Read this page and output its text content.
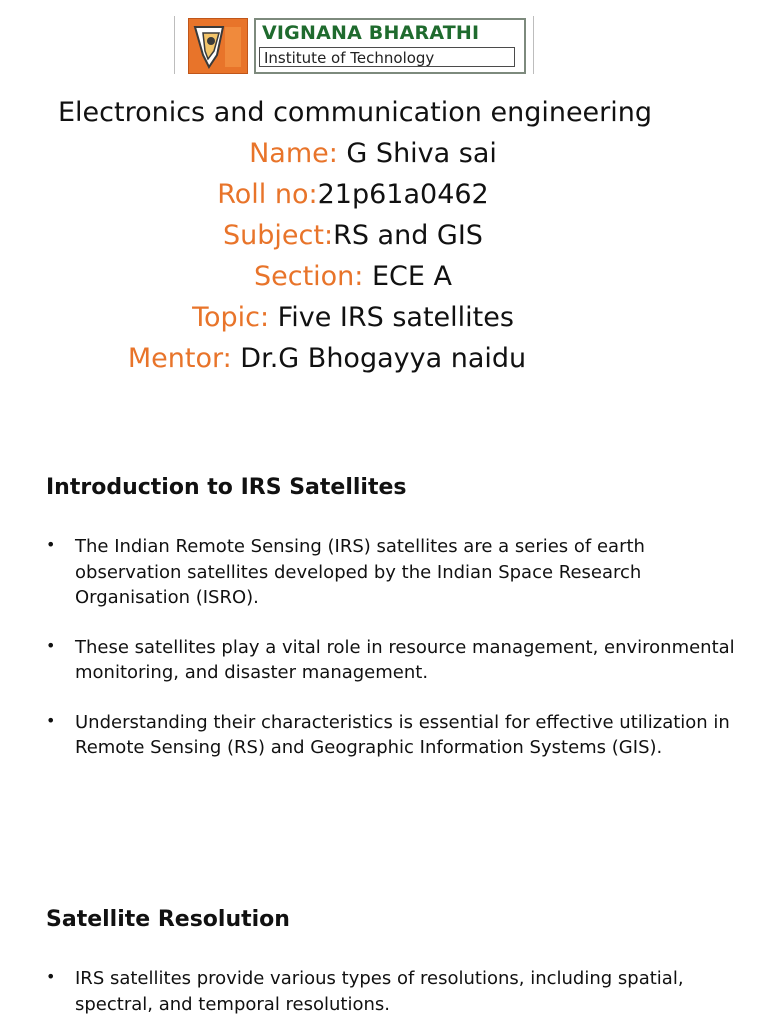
VIGNANA BHARATHI
Institute of Technology
Electronics and communication engineering
Name: G Shiva sai
Roll no:21p61a0462
Subject:RS and GIS
Section: ECE A
Topic: Five IRS satellites
Mentor: Dr.G Bhogayya naidu
Introduction to IRS Satellites
• The Indian Remote Sensing (IRS) satellites are a series of earth observation satellites developed by the Indian Space Research Organisation (ISRO).
• These satellites play a vital role in resource management, environmental monitoring, and disaster management.
• Understanding their characteristics is essential for effective utilization in Remote Sensing (RS) and Geographic Information Systems (GIS).
Satellite Resolution
• IRS satellites provide various types of resolutions, including spatial, spectral, and temporal resolutions.
